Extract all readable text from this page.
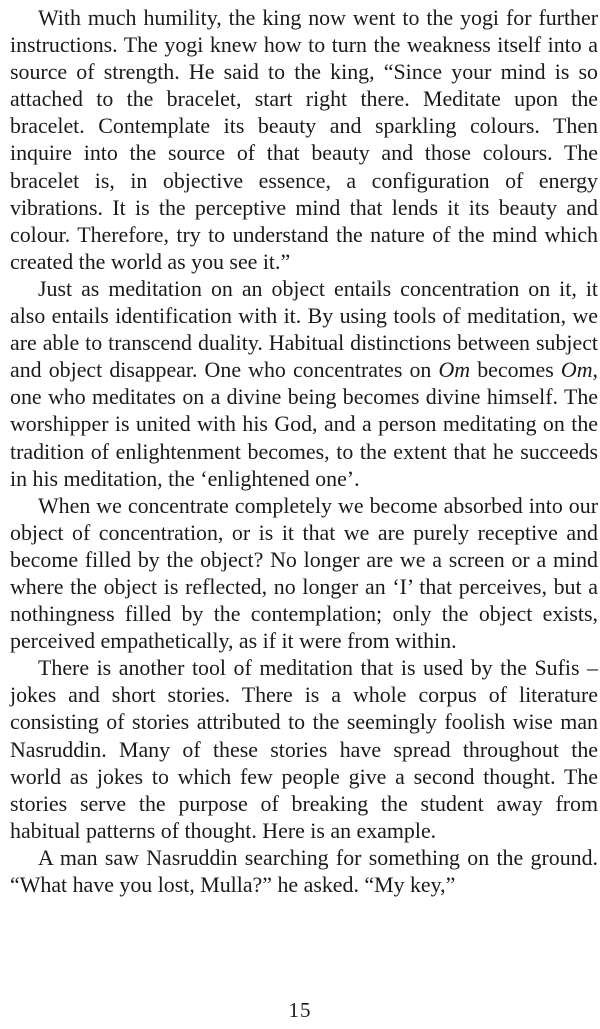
With much humility, the king now went to the yogi for further instructions. The yogi knew how to turn the weakness itself into a source of strength. He said to the king, “Since your mind is so attached to the bracelet, start right there. Meditate upon the bracelet. Contemplate its beauty and sparkling colours. Then inquire into the source of that beauty and those colours. The bracelet is, in objective essence, a configuration of energy vibrations. It is the perceptive mind that lends it its beauty and colour. Therefore, try to understand the nature of the mind which created the world as you see it.”

Just as meditation on an object entails concentration on it, it also entails identification with it. By using tools of meditation, we are able to transcend duality. Habitual distinctions between subject and object disappear. One who concentrates on Om becomes Om, one who meditates on a divine being becomes divine himself. The worshipper is united with his God, and a person meditating on the tradition of enlightenment becomes, to the extent that he succeeds in his meditation, the ‘enlightened one’.

When we concentrate completely we become absorbed into our object of concentration, or is it that we are purely receptive and become filled by the object? No longer are we a screen or a mind where the object is reflected, no longer an ‘I’ that perceives, but a nothingness filled by the contemplation; only the object exists, perceived empathetically, as if it were from within.

There is another tool of meditation that is used by the Sufis – jokes and short stories. There is a whole corpus of literature consisting of stories attributed to the seemingly foolish wise man Nasruddin. Many of these stories have spread throughout the world as jokes to which few people give a second thought. The stories serve the purpose of breaking the student away from habitual patterns of thought. Here is an example.

A man saw Nasruddin searching for something on the ground. “What have you lost, Mulla?” he asked. “My key,”

15
